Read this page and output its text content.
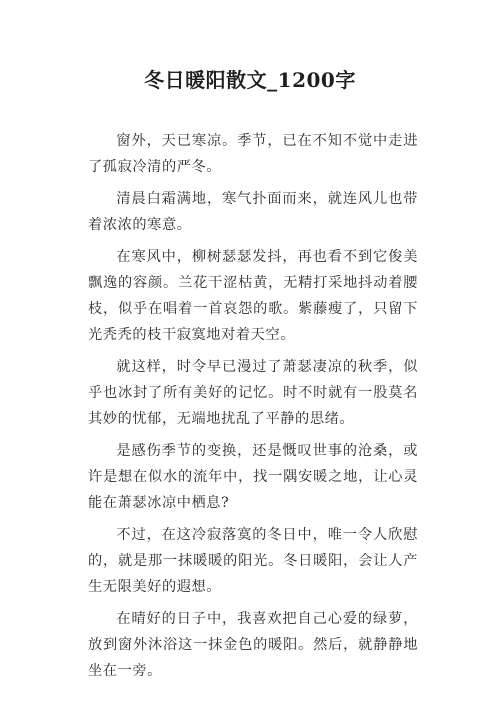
冬日暖阳散文_1200字

窗外，天已寒凉。季节，已在不知不觉中走进了孤寂冷清的严冬。

清晨白霜满地，寒气扑面而来，就连风儿也带着浓浓的寒意。

在寒风中，柳树瑟瑟发抖，再也看不到它俊美飘逸的容颜。兰花干涩枯黄，无精打采地抖动着腰枝，似乎在唱着一首哀怨的歌。紫藤瘦了，只留下光秃秃的枝干寂寞地对着天空。

就这样，时令早已漫过了萧瑟凄凉的秋季，似乎也冰封了所有美好的记忆。时不时就有一股莫名其妙的忧郁，无端地扰乱了平静的思绪。

是感伤季节的变换，还是慨叹世事的沧桑，或许是想在似水的流年中，找一隅安暖之地，让心灵能在萧瑟冰凉中栖息?

不过，在这冷寂落寞的冬日中，唯一令人欣慰的，就是那一抹暖暖的阳光。冬日暖阳，会让人产生无限美好的遐想。

在晴好的日子中，我喜欢把自己心爱的绿萝，放到窗外沐浴这一抹金色的暖阳。然后，就静静地坐在一旁。
